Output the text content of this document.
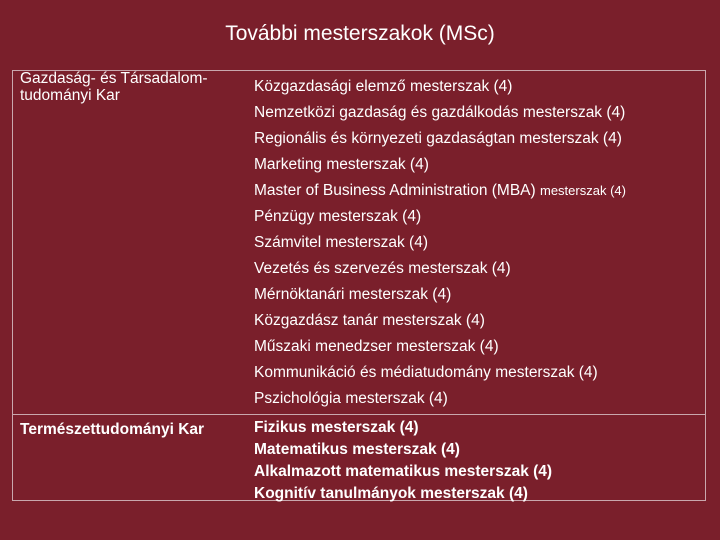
További mesterszakok (MSc)
Gazdaság- és Társadalom-tudományi Kar
Közgazdasági elemző mesterszak (4)
Nemzetközi gazdaság és gazdálkodás mesterszak (4)
Regionális és környezeti gazdaságtan mesterszak (4)
Marketing mesterszak (4)
Master of Business Administration (MBA) mesterszak (4)
Pénzügy mesterszak (4)
Számvitel mesterszak (4)
Vezetés és szervezés mesterszak (4)
Mérnöktanári mesterszak (4)
Közgazdász tanár mesterszak (4)
Műszaki menedzser mesterszak (4)
Kommunikáció és médiatudomány mesterszak (4)
Pszichológia mesterszak (4)
Természettudományi Kar	Fizikus mesterszak (4)
Matematikus mesterszak (4)
Alkalmazott matematikus mesterszak (4)
Kognitív tanulmányok mesterszak (4)
